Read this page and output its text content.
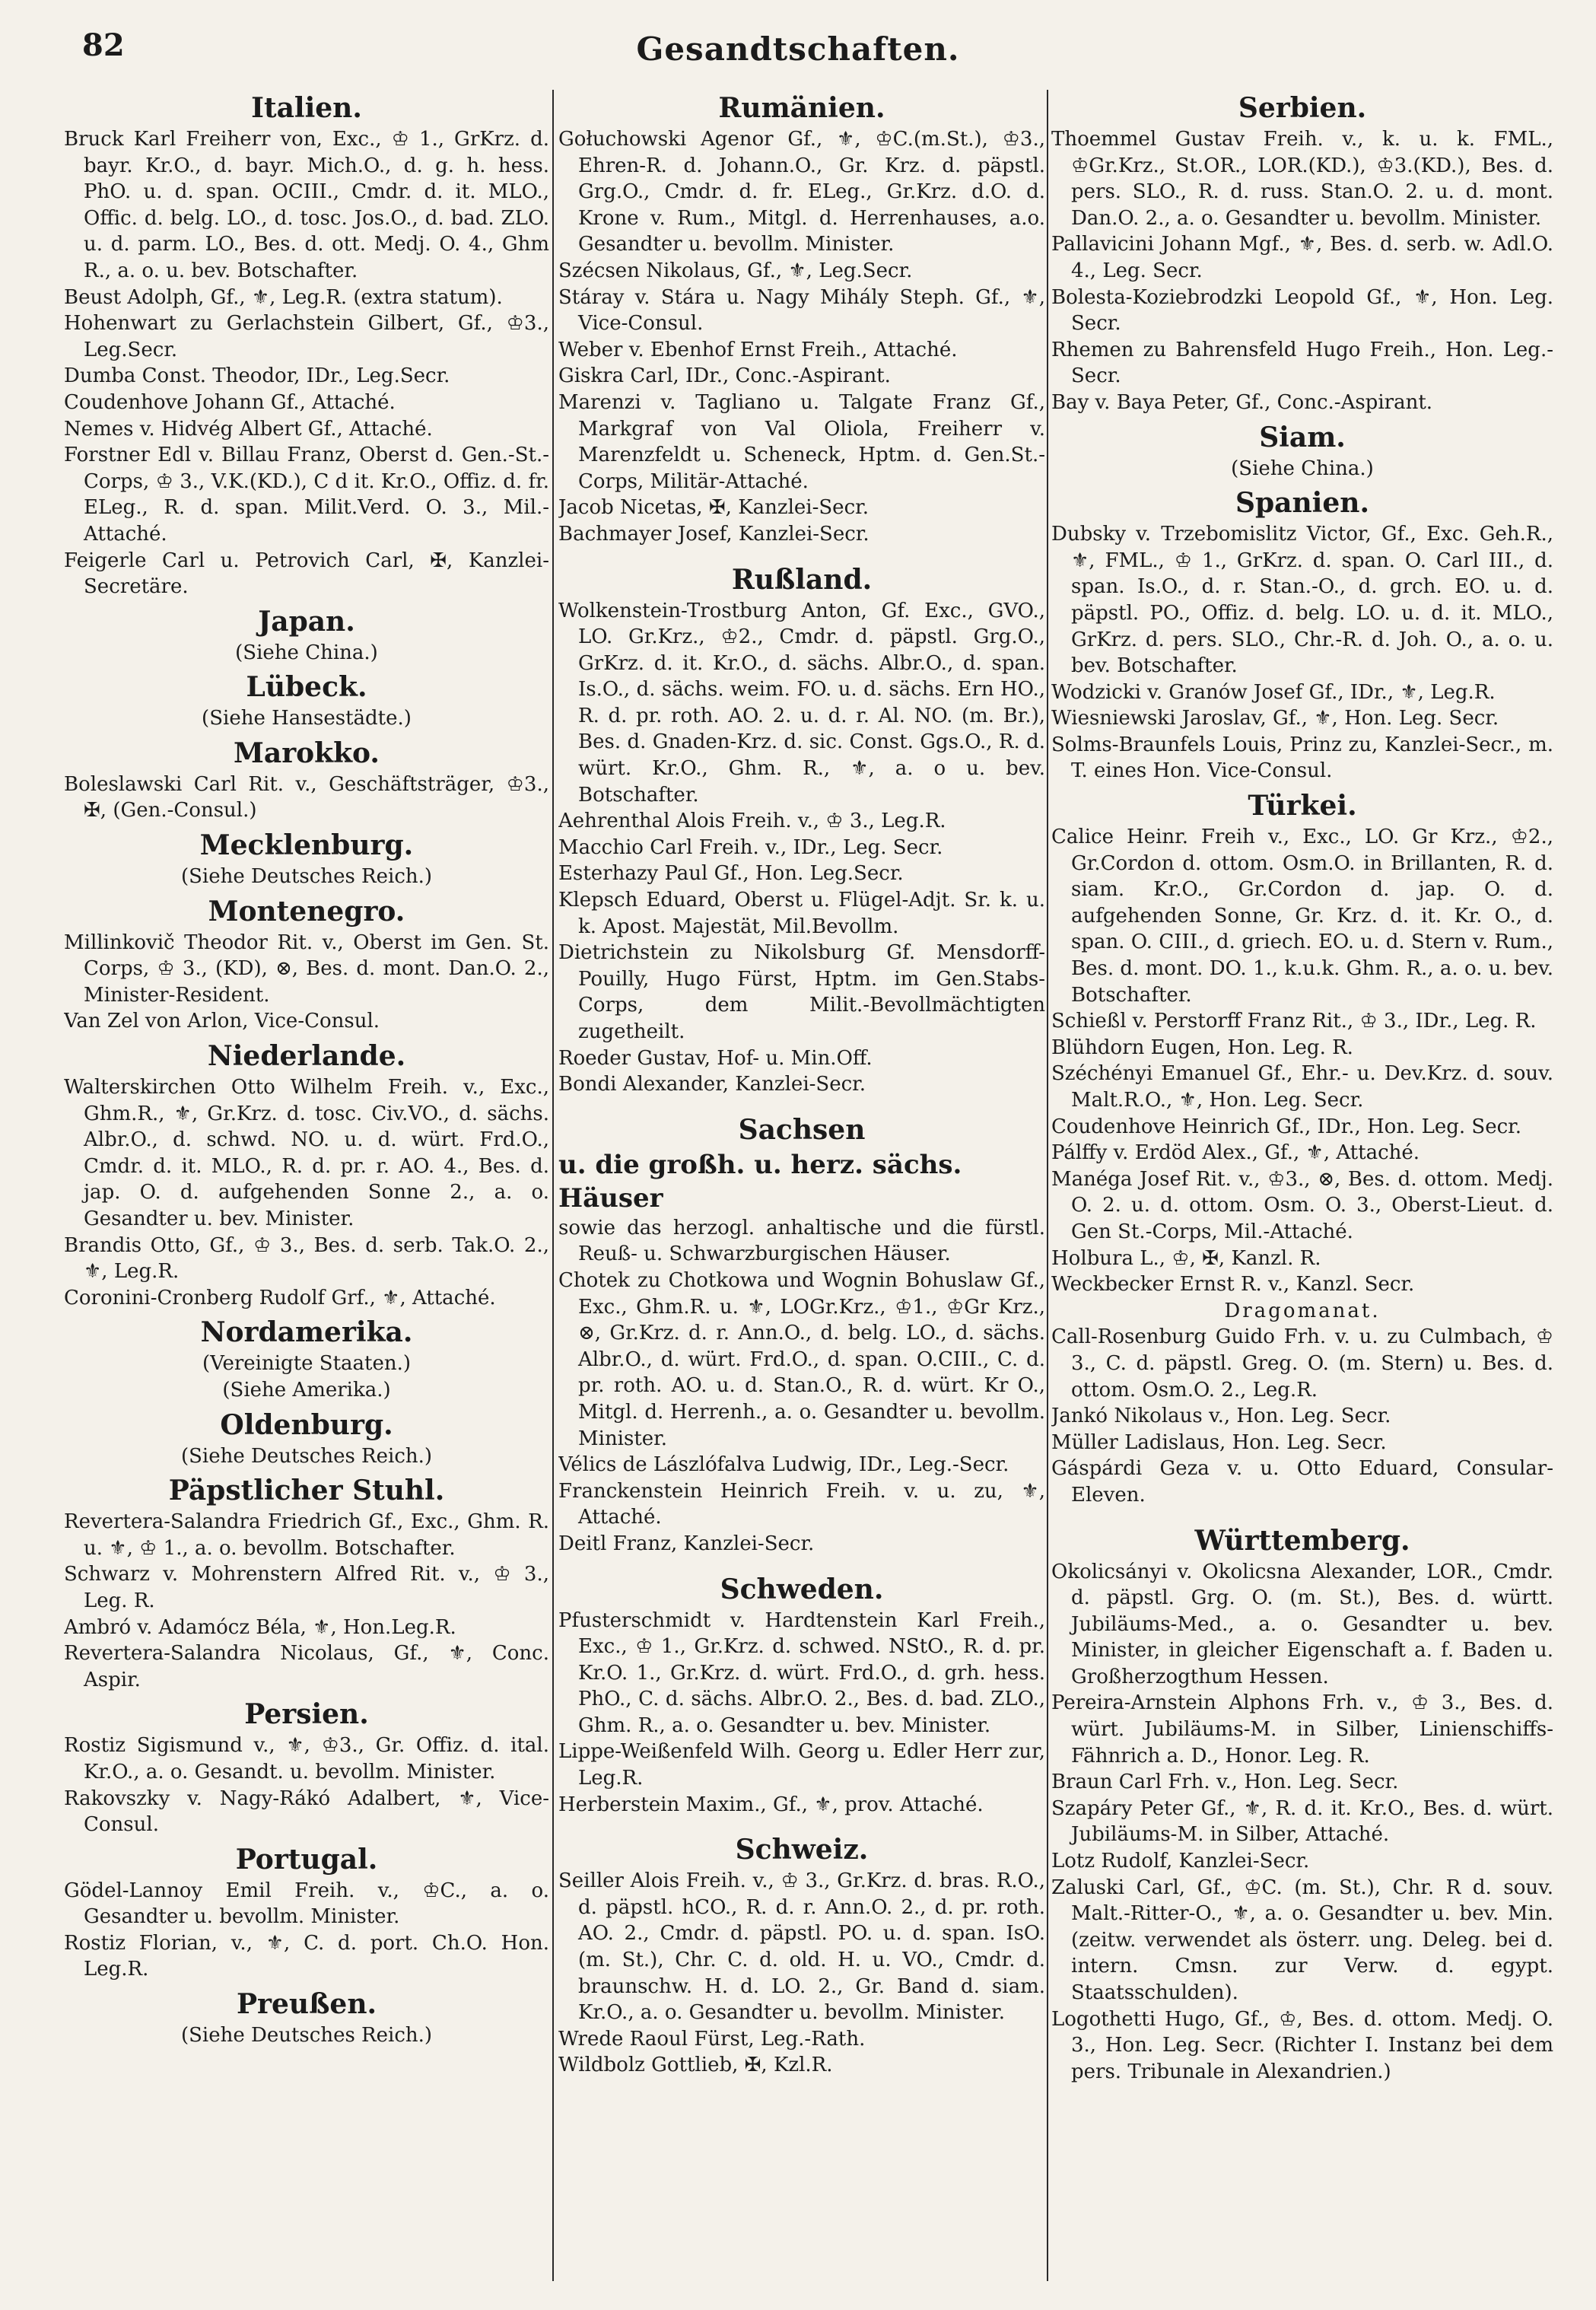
82	Gesandtschaften.
Italien.

Bruck Karl Freiherr von, Exc., ♔ 1., GrKrz. d. bayr. Kr.O., d. bayr. Mich.O., d. g. h. hess. PhO. u. d. span. OCIII., Cmdr. d. it. MLO., Offic. d. belg. LO., d. tosc. Jos.O., d. bad. ZLO. u. d. parm. LO., Bes. d. ott. Medj. O. 4., Ghm R., a. o. u. bev. Botschafter.

Beust Adolph, Gf., ⚜, Leg.R. (extra statum).

Hohenwart zu Gerlachstein Gilbert, Gf., ♔3., Leg.Secr.

Dumba Const. Theodor, IDr., Leg.Secr.

Coudenhove Johann Gf., Attaché.

Nemes v. Hidvég Albert Gf., Attaché.

Forstner Edl v. Billau Franz, Oberst d. Gen.-St.-Corps, ♔ 3., V.K.(KD.), C d it. Kr.O., Offiz. d. fr. ELeg., R. d. span. Milit.Verd. O. 3., Mil.-Attaché.

Feigerle Carl u. Petrovich Carl, ✠, Kanzlei-Secretäre.

Japan.
(Siehe China.)
Lübeck.
(Siehe Hansestädte.)
Marokko.

Boleslawski Carl Rit. v., Geschäftsträger, ♔3., ✠, (Gen.-Consul.)

Mecklenburg.
(Siehe Deutsches Reich.)
Montenegro.

Millinkovič Theodor Rit. v., Oberst im Gen. St. Corps, ♔ 3., (KD), ⊗, Bes. d. mont. Dan.O. 2., Minister-Resident.

Van Zel von Arlon, Vice-Consul.

Niederlande.

Walterskirchen Otto Wilhelm Freih. v., Exc., Ghm.R., ⚜, Gr.Krz. d. tosc. Civ.VO., d. sächs. Albr.O., d. schwd. NO. u. d. würt. Frd.O., Cmdr. d. it. MLO., R. d. pr. r. AO. 4., Bes. d. jap. O. d. aufgehenden Sonne 2., a. o. Gesandter u. bev. Minister.

Brandis Otto, Gf., ♔ 3., Bes. d. serb. Tak.O. 2., ⚜, Leg.R.

Coronini-Cronberg Rudolf Grf., ⚜, Attaché.

Nordamerika.
(Vereinigte Staaten.)
(Siehe Amerika.)
Oldenburg.
(Siehe Deutsches Reich.)
Päpstlicher Stuhl.

Revertera-Salandra Friedrich Gf., Exc., Ghm. R. u. ⚜, ♔ 1., a. o. bevollm. Botschafter.

Schwarz v. Mohrenstern Alfred Rit. v., ♔ 3., Leg. R.

Ambró v. Adamócz Béla, ⚜, Hon.Leg.R.

Revertera-Salandra Nicolaus, Gf., ⚜, Conc. Aspir.

Persien.

Rostiz Sigismund v., ⚜, ♔3., Gr. Offiz. d. ital. Kr.O., a. o. Gesandt. u. bevollm. Minister.

Rakovszky v. Nagy-Rákó Adalbert, ⚜, Vice-Consul.

Portugal.

Gödel-Lannoy Emil Freih. v., ♔C., a. o. Gesandter u. bevollm. Minister.

Rostiz Florian, v., ⚜, C. d. port. Ch.O. Hon. Leg.R.

Preußen.
(Siehe Deutsches Reich.)
Rumänien.

Gołuchowski Agenor Gf., ⚜, ♔C.(m.St.), ♔3., Ehren-R. d. Johann.O., Gr. Krz. d. päpstl. Grg.O., Cmdr. d. fr. ELeg., Gr.Krz. d.O. d. Krone v. Rum., Mitgl. d. Herrenhauses, a.o. Gesandter u. bevollm. Minister.

Szécsen Nikolaus, Gf., ⚜, Leg.Secr.

Stáray v. Stára u. Nagy Mihály Steph. Gf., ⚜, Vice-Consul.

Weber v. Ebenhof Ernst Freih., Attaché.

Giskra Carl, IDr., Conc.-Aspirant.

Marenzi v. Tagliano u. Talgate Franz Gf., Markgraf von Val Oliola, Freiherr v. Marenzfeldt u. Scheneck, Hptm. d. Gen.St.-Corps, Militär-Attaché.

Jacob Nicetas, ✠, Kanzlei-Secr.

Bachmayer Josef, Kanzlei-Secr.

Rußland.

Wolkenstein-Trostburg Anton, Gf. Exc., GVO., LO. Gr.Krz., ♔2., Cmdr. d. päpstl. Grg.O., GrKrz. d. it. Kr.O., d. sächs. Albr.O., d. span. Is.O., d. sächs. weim. FO. u. d. sächs. Ern HO., R. d. pr. roth. AO. 2. u. d. r. Al. NO. (m. Br.), Bes. d. Gnaden-Krz. d. sic. Const. Ggs.O., R. d. würt. Kr.O., Ghm. R., ⚜, a. o u. bev. Botschafter.

Aehrenthal Alois Freih. v., ♔ 3., Leg.R.

Macchio Carl Freih. v., IDr., Leg. Secr.

Esterhazy Paul Gf., Hon. Leg.Secr.

Klepsch Eduard, Oberst u. Flügel-Adjt. Sr. k. u. k. Apost. Majestät, Mil.Bevollm.

Dietrichstein zu Nikolsburg Gf. Mensdorff-Pouilly, Hugo Fürst, Hptm. im Gen.Stabs-Corps, dem Milit.-Bevollmächtigten zugetheilt.

Roeder Gustav, Hof- u. Min.Off.

Bondi Alexander, Kanzlei-Secr.

Sachsen
u. die großh. u. herz. sächs. Häuser
sowie das herzogl. anhaltische und die fürstl. Reuß- u. Schwarzburgischen Häuser.

Chotek zu Chotkowa und Wognin Bohuslaw Gf., Exc., Ghm.R. u. ⚜, LOGr.Krz., ♔1., ♔Gr Krz., ⊗, Gr.Krz. d. r. Ann.O., d. belg. LO., d. sächs. Albr.O., d. würt. Frd.O., d. span. O.CIII., C. d. pr. roth. AO. u. d. Stan.O., R. d. würt. Kr O., Mitgl. d. Herrenh., a. o. Gesandter u. bevollm. Minister.

Vélics de Lászlófalva Ludwig, IDr., Leg.-Secr.

Franckenstein Heinrich Freih. v. u. zu, ⚜, Attaché.

Deitl Franz, Kanzlei-Secr.

Schweden.

Pfusterschmidt v. Hardtenstein Karl Freih., Exc., ♔ 1., Gr.Krz. d. schwed. NStO., R. d. pr. Kr.O. 1., Gr.Krz. d. würt. Frd.O., d. grh. hess. PhO., C. d. sächs. Albr.O. 2., Bes. d. bad. ZLO., Ghm. R., a. o. Gesandter u. bev. Minister.

Lippe-Weißenfeld Wilh. Georg u. Edler Herr zur, Leg.R.

Herberstein Maxim., Gf., ⚜, prov. Attaché.

Schweiz.

Seiller Alois Freih. v., ♔ 3., Gr.Krz. d. bras. R.O., d. päpstl. hCO., R. d. r. Ann.O. 2., d. pr. roth. AO. 2., Cmdr. d. päpstl. PO. u. d. span. IsO. (m. St.), Chr. C. d. old. H. u. VO., Cmdr. d. braunschw. H. d. LO. 2., Gr. Band d. siam. Kr.O., a. o. Gesandter u. bevollm. Minister.

Wrede Raoul Fürst, Leg.-Rath.

Wildbolz Gottlieb, ✠, Kzl.R.

Serbien.

Thoemmel Gustav Freih. v., k. u. k. FML., ♔Gr.Krz., St.OR., LOR.(KD.), ♔3.(KD.), Bes. d. pers. SLO., R. d. russ. Stan.O. 2. u. d. mont. Dan.O. 2., a. o. Gesandter u. bevollm. Minister.

Pallavicini Johann Mgf., ⚜, Bes. d. serb. w. Adl.O. 4., Leg. Secr.

Bolesta-Koziebrodzki Leopold Gf., ⚜, Hon. Leg. Secr.

Rhemen zu Bahrensfeld Hugo Freih., Hon. Leg.-Secr.

Bay v. Baya Peter, Gf., Conc.-Aspirant.

Siam.
(Siehe China.)
Spanien.

Dubsky v. Trzebomislitz Victor, Gf., Exc. Geh.R., ⚜, FML., ♔ 1., GrKrz. d. span. O. Carl III., d. span. Is.O., d. r. Stan.-O., d. grch. EO. u. d. päpstl. PO., Offiz. d. belg. LO. u. d. it. MLO., GrKrz. d. pers. SLO., Chr.-R. d. Joh. O., a. o. u. bev. Botschafter.

Wodzicki v. Granów Josef Gf., IDr., ⚜, Leg.R.

Wiesniewski Jaroslav, Gf., ⚜, Hon. Leg. Secr.

Solms-Braunfels Louis, Prinz zu, Kanzlei-Secr., m. T. eines Hon. Vice-Consul.

Türkei.

Calice Heinr. Freih v., Exc., LO. Gr Krz., ♔2., Gr.Cordon d. ottom. Osm.O. in Brillanten, R. d. siam. Kr.O., Gr.Cordon d. jap. O. d. aufgehenden Sonne, Gr. Krz. d. it. Kr. O., d. span. O. CIII., d. griech. EO. u. d. Stern v. Rum., Bes. d. mont. DO. 1., k.u.k. Ghm. R., a. o. u. bev. Botschafter.

Schießl v. Perstorff Franz Rit., ♔ 3., IDr., Leg. R.

Blühdorn Eugen, Hon. Leg. R.

Széchényi Emanuel Gf., Ehr.- u. Dev.Krz. d. souv. Malt.R.O., ⚜, Hon. Leg. Secr.

Coudenhove Heinrich Gf., IDr., Hon. Leg. Secr.

Pálffy v. Erdöd Alex., Gf., ⚜, Attaché.

Manéga Josef Rit. v., ♔3., ⊗, Bes. d. ottom. Medj. O. 2. u. d. ottom. Osm. O. 3., Oberst-Lieut. d. Gen St.-Corps, Mil.-Attaché.

Holbura L., ♔, ✠, Kanzl. R.

Weckbecker Ernst R. v., Kanzl. Secr.

Dragomanat.

Call-Rosenburg Guido Frh. v. u. zu Culmbach, ♔ 3., C. d. päpstl. Greg. O. (m. Stern) u. Bes. d. ottom. Osm.O. 2., Leg.R.

Jankó Nikolaus v., Hon. Leg. Secr.

Müller Ladislaus, Hon. Leg. Secr.

Gáspárdi Geza v. u. Otto Eduard, Consular-Eleven.

Württemberg.

Okolicsányi v. Okolicsna Alexander, LOR., Cmdr. d. päpstl. Grg. O. (m. St.), Bes. d. württ. Jubiläums-Med., a. o. Gesandter u. bev. Minister, in gleicher Eigenschaft a. f. Baden u. Großherzogthum Hessen.

Pereira-Arnstein Alphons Frh. v., ♔ 3., Bes. d. würt. Jubiläums-M. in Silber, Linienschiffs-Fähnrich a. D., Honor. Leg. R.

Braun Carl Frh. v., Hon. Leg. Secr.

Szapáry Peter Gf., ⚜, R. d. it. Kr.O., Bes. d. würt. Jubiläums-M. in Silber, Attaché.

Lotz Rudolf, Kanzlei-Secr.

Zaluski Carl, Gf., ♔C. (m. St.), Chr. R d. souv. Malt.-Ritter-O., ⚜, a. o. Gesandter u. bev. Min. (zeitw. verwendet als österr. ung. Deleg. bei d. intern. Cmsn. zur Verw. d. egypt. Staatsschulden).

Logothetti Hugo, Gf., ♔, Bes. d. ottom. Medj. O. 3., Hon. Leg. Secr. (Richter I. Instanz bei dem pers. Tribunale in Alexandrien.)
